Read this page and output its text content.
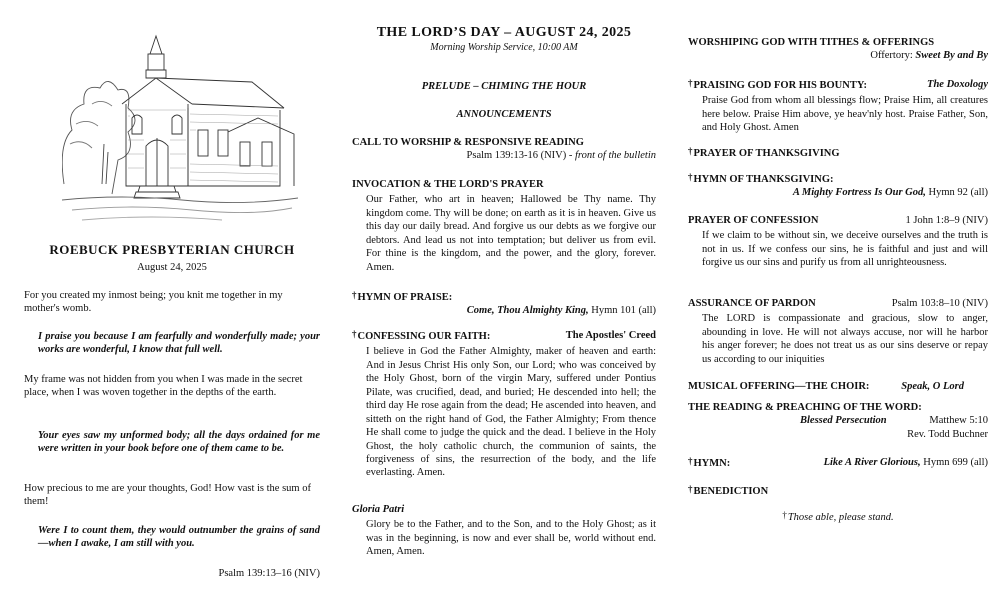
ROEBUCK PRESBYTERIAN CHURCH
August 24, 2025

For you created my inmost being; you knit me together in my mother's womb.

I praise you because I am fearfully and wonderfully made; your works are wonderful, I know that full well.

My frame was not hidden from you when I was made in the secret place, when I was woven together in the depths of the earth.

Your eyes saw my unformed body; all the days ordained for me were written in your book before one of them came to be.

How precious to me are your thoughts, God! How vast is the sum of them!

Were I to count them, they would outnumber the grains of sand—when I awake, I am still with you.

Psalm 139:13–16 (NIV)

THE LORD’S DAY – AUGUST 24, 2025
Morning Worship Service, 10:00 AM
PRELUDE – CHIMING THE HOUR
ANNOUNCEMENTS
CALL TO WORSHIP & RESPONSIVE READING
Psalm 139:13-16 (NIV) - front of the bulletin
INVOCATION & THE LORD'S PRAYER
Our Father, who art in heaven; Hallowed be Thy name. Thy kingdom come. Thy will be done; on earth as it is in heaven. Give us this day our daily bread. And forgive us our debts as we forgive our debtors. And lead us not into temptation; but deliver us from evil. For thine is the kingdom, and the power, and the glory, forever. Amen.
†HYMN OF PRAISE:
Come, Thou Almighty King, Hymn 101 (all)
†CONFESSING OUR FAITH:	The Apostles' Creed
I believe in God the Father Almighty, maker of heaven and earth: And in Jesus Christ His only Son, our Lord; who was conceived by the Holy Ghost, born of the virgin Mary, suffered under Pontius Pilate, was crucified, dead, and buried; He descended into hell; the third day He rose again from the dead; He ascended into heaven, and sitteth on the right hand of God, the Father Almighty; From thence He shall come to judge the quick and the dead. I believe in the Holy Ghost, the holy catholic church, the communion of saints, the forgiveness of sins, the resurrection of the body, and the life everlasting. Amen.
Gloria Patri
Glory be to the Father, and to the Son, and to the Holy Ghost; as it was in the beginning, is now and ever shall be, world without end. Amen, Amen.
WORSHIPING GOD WITH TITHES & OFFERINGS
Offertory: Sweet By and By
†PRAISING GOD FOR HIS BOUNTY:	The Doxology
Praise God from whom all blessings flow; Praise Him, all creatures here below. Praise Him above, ye heav'nly host. Praise Father, Son, and Holy Ghost. Amen
†PRAYER OF THANKSGIVING
†HYMN OF THANKSGIVING:
A Mighty Fortress Is Our God, Hymn 92 (all)
PRAYER OF CONFESSION	1 John 1:8–9 (NIV)
If we claim to be without sin, we deceive ourselves and the truth is not in us. If we confess our sins, he is faithful and just and will forgive us our sins and purify us from all unrighteousness.
ASSURANCE OF PARDON	Psalm 103:8–10 (NIV)
The LORD is compassionate and gracious, slow to anger, abounding in love. He will not always accuse, nor will he harbor his anger forever; he does not treat us as our sins deserve or repay us according to our iniquities
MUSICAL OFFERING—THE CHOIR:	Speak, O Lord
THE READING & PREACHING OF THE WORD:
Blessed Persecution	Matthew 5:10
Rev. Todd Buchner
†HYMN:	Like A River Glorious, Hymn 699 (all)
†BENEDICTION
†Those able, please stand.
